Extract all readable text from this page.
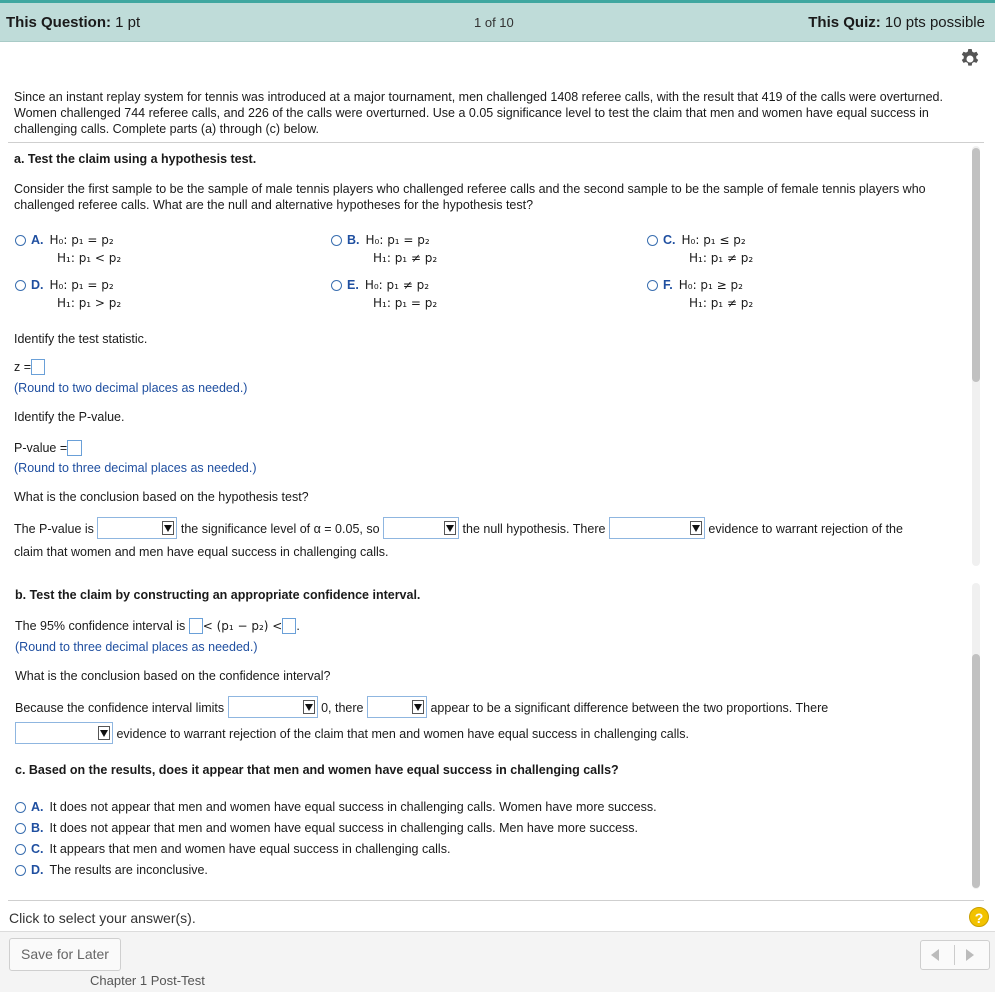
This Question: 1 pt	1 of 10	This Quiz: 10 pts possible
Since an instant replay system for tennis was introduced at a major tournament, men challenged 1408 referee calls, with the result that 419 of the calls were overturned. Women challenged 744 referee calls, and 226 of the calls were overturned. Use a 0.05 significance level to test the claim that men and women have equal success in challenging calls. Complete parts (a) through (c) below.
a. Test the claim using a hypothesis test.
Consider the first sample to be the sample of male tennis players who challenged referee calls and the second sample to be the sample of female tennis players who challenged referee calls. What are the null and alternative hypotheses for the hypothesis test?
A. H₀: p₁ = p₂
H₁: p₁ < p₂
B. H₀: p₁ = p₂
H₁: p₁ ≠ p₂
C. H₀: p₁ ≤ p₂
H₁: p₁ ≠ p₂
D. H₀: p₁ = p₂
H₁: p₁ > p₂
E. H₀: p₁ ≠ p₂
H₁: p₁ = p₂
F. H₀: p₁ ≥ p₂
H₁: p₁ ≠ p₂
Identify the test statistic.
z =
(Round to two decimal places as needed.)
Identify the P-value.
P-value =
(Round to three decimal places as needed.)
What is the conclusion based on the hypothesis test?
The P-value is	the significance level of α = 0.05, so	the null hypothesis. There	evidence to warrant rejection of the
claim that women and men have equal success in challenging calls.
b. Test the claim by constructing an appropriate confidence interval.
The 95% confidence interval is < (p₁ − p₂) < .
(Round to three decimal places as needed.)
What is the conclusion based on the confidence interval?
Because the confidence interval limits	0, there	appear to be a significant difference between the two proportions. There
evidence to warrant rejection of the claim that men and women have equal success in challenging calls.
c. Based on the results, does it appear that men and women have equal success in challenging calls?
A. It does not appear that men and women have equal success in challenging calls. Women have more success.
B. It does not appear that men and women have equal success in challenging calls. Men have more success.
C. It appears that men and women have equal success in challenging calls.
D. The results are inconclusive.
Click to select your answer(s).	?
Save for Later
Chapter 1 Post-Test
